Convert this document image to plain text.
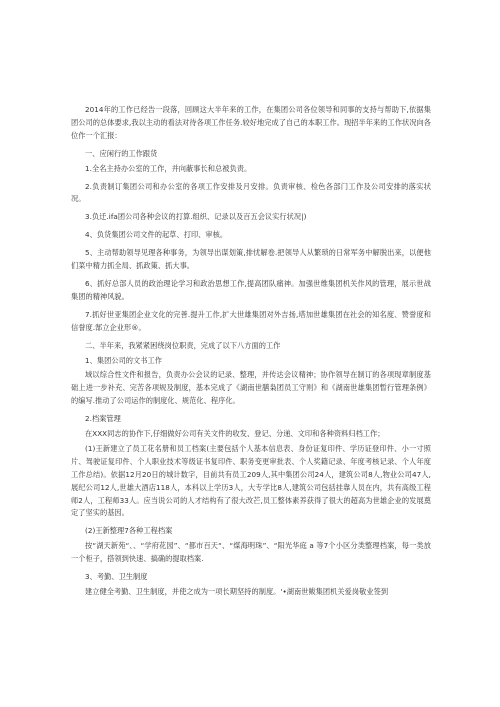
2014年的工作已经告一段落，回顾这大半年来的工作，在集团公司各位领导和同事的支持与帮助下,依据集团公司的总体要求,我以主动的看法对待各项工作任务.较好地完成了自己的本职工作。现招半年来的工作状况向各位作一个汇报：

一、应闲行的工作跟货

1.全名主持办公室的工作，并向蔽事长和总被负责。

2.负责制订集团公司和办公室的各项工作安排及月安排。负责审核、检色各部门工作及公司安排的落实状况。

3.负迁.ifa团公司各种会议的打算.组织、记录以及百五会议实行状况|)

4、负货集团公司文件的起草、打印、审核。

5、主动帮助领导见理各种事务，为领导出谋划策,排忧解卷.把领导人从繁琐的日常军务中解脱出来，以便他们菜中精力抓全局、抓政策、抓大事。

6、抓好总部人员的政治理论学习和政治思想工作,提高团队痛神。加强世维集团机关作风的管理，展示世战集团的精神风貌。

7.抓好世亚集团企业文化的完善.提升工作,扩大世雄集团对外吉扬,塔加世雄集团在社会的知名度、赞誉度和信誉度.郜立企业形®。

二、半年来，我紧紧困绕岗位职责，完成了以下八方面的工作

1、集团公司的文书工作

域以综合性文件和报告，负责办公会议的记录、整理，并传达会议精神；协作领导在制订的各项现章制度基础上进一步补充、完苦各项规及制度，基本完成了《湖南世膳枭团员工守则》和《湖南世雄集团暂行管理条例》的编写.推动了公司运作的制度化、规范化、程序化。

2.档案管理

在XXX同志的协作下,仔细做好公司有关文件的收发、登记、分递、文印和各种资料归档工作；

(1)王新建立了员工花名册和员工档案(主要包括个人基本信息表、身份证复印件、学历证登印件、小一寸照片、驾驶证复印件、个人职业技术等级证书复印件、职务变更审批表、个人奖籍记录、年度考核记录、个人年度工作总结)。依据12月20日的城计数字，目前共有员工209人,其中集团公司24人，建筑公司8人,物业公司47人,展纪公司12人,世雄大酒店118人，本科以上学历3人，大专学比8人,建筑公司包括挂靠人员在内，共有高级工程师2人，工程师33人。应当说公司的人才结构有了很大改芒,员工整体素养获得了很大的超高为世雄企业的发展奠定了坚实的基因。

(2)王新整理7各种工程档案

按“湖天新苑“、、“学府花园”、“都市百天“、“煤海明珠”、“阳光华庭 a 等7个小区分类整理档案，每一类放一个柜子，搭领到快速、搞确的提取档案.

3、考勤、卫生制度

建立健全考勤、卫生制度，并使之成为一项长期坚持的制度。'•湖南世鲅集团机关爱岗敬业签到
